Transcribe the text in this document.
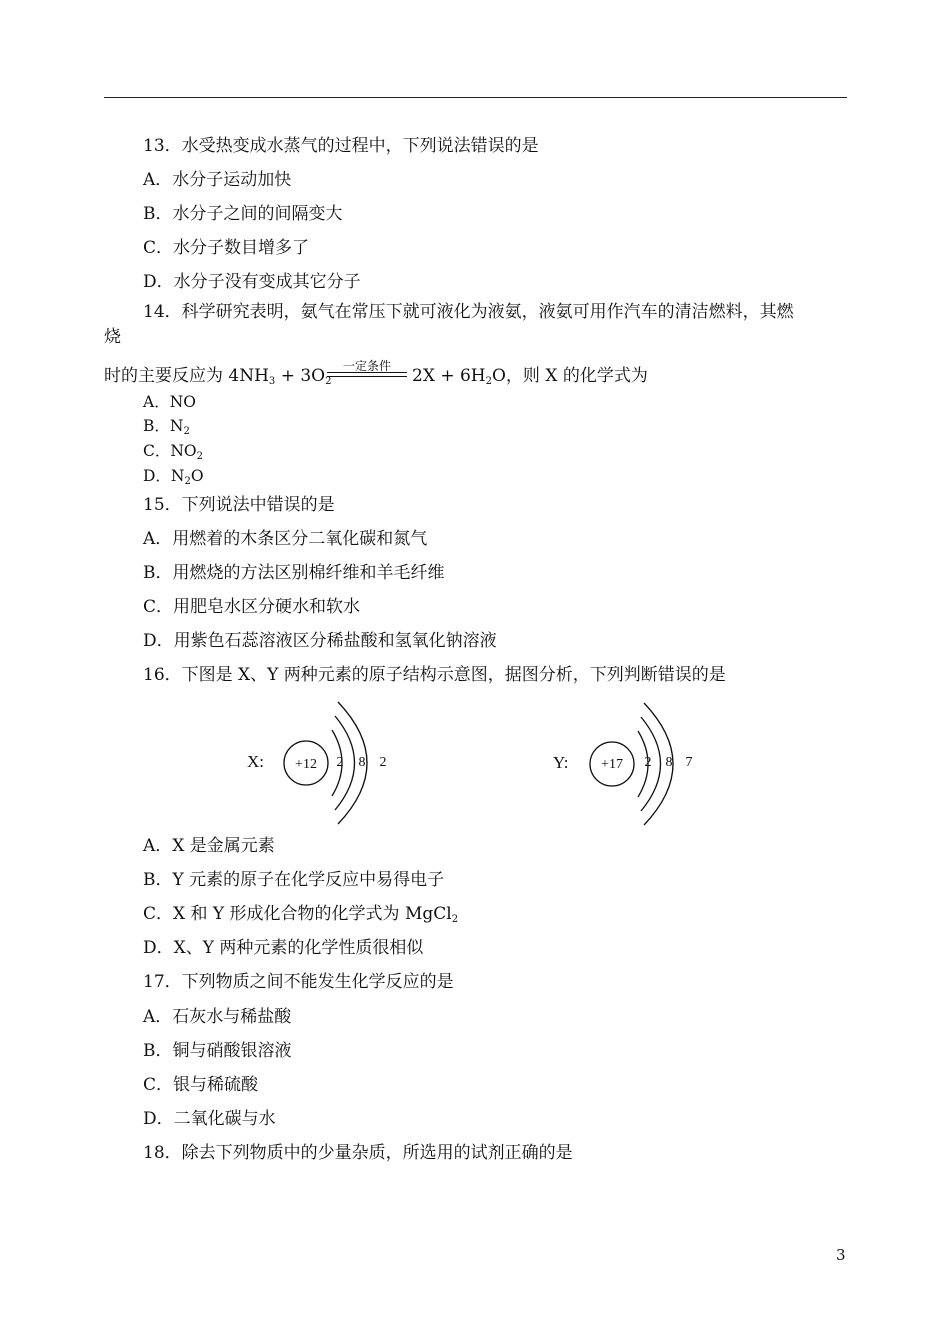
13．水受热变成水蒸气的过程中，下列说法错误的是
A．水分子运动加快
B．水分子之间的间隔变大
C．水分子数目增多了
D．水分子没有变成其它分子
14．科学研究表明，氨气在常压下就可液化为液氨，液氨可用作汽车的清洁燃料，其燃
烧
时的主要反应为 $4NH_3 + 3O_2$
一定条件	$2X + 6H_2O$，则 X 的化学式为
A．NO
B．$N_2$
C．$NO_2$
D．$N_2O$
15．下列说法中错误的是
A．用燃着的木条区分二氧化碳和氮气
B．用燃烧的方法区别棉纤维和羊毛纤维
C．用肥皂水区分硬水和软水
D．用紫色石蕊溶液区分稀盐酸和氢氧化钠溶液
16．下图是 X、Y 两种元素的原子结构示意图，据图分析，下列判断错误的是
X: +12 2 8 2	Y: +17 2 8 7
A．X 是金属元素
B．Y 元素的原子在化学反应中易得电子
C．X 和 Y 形成化合物的化学式为 MgCl$_2$
D．X、Y 两种元素的化学性质很相似
17．下列物质之间不能发生化学反应的是
A．石灰水与稀盐酸
B．铜与硝酸银溶液
C．银与稀硫酸
D．二氧化碳与水
18．除去下列物质中的少量杂质，所选用的试剂正确的是
3
